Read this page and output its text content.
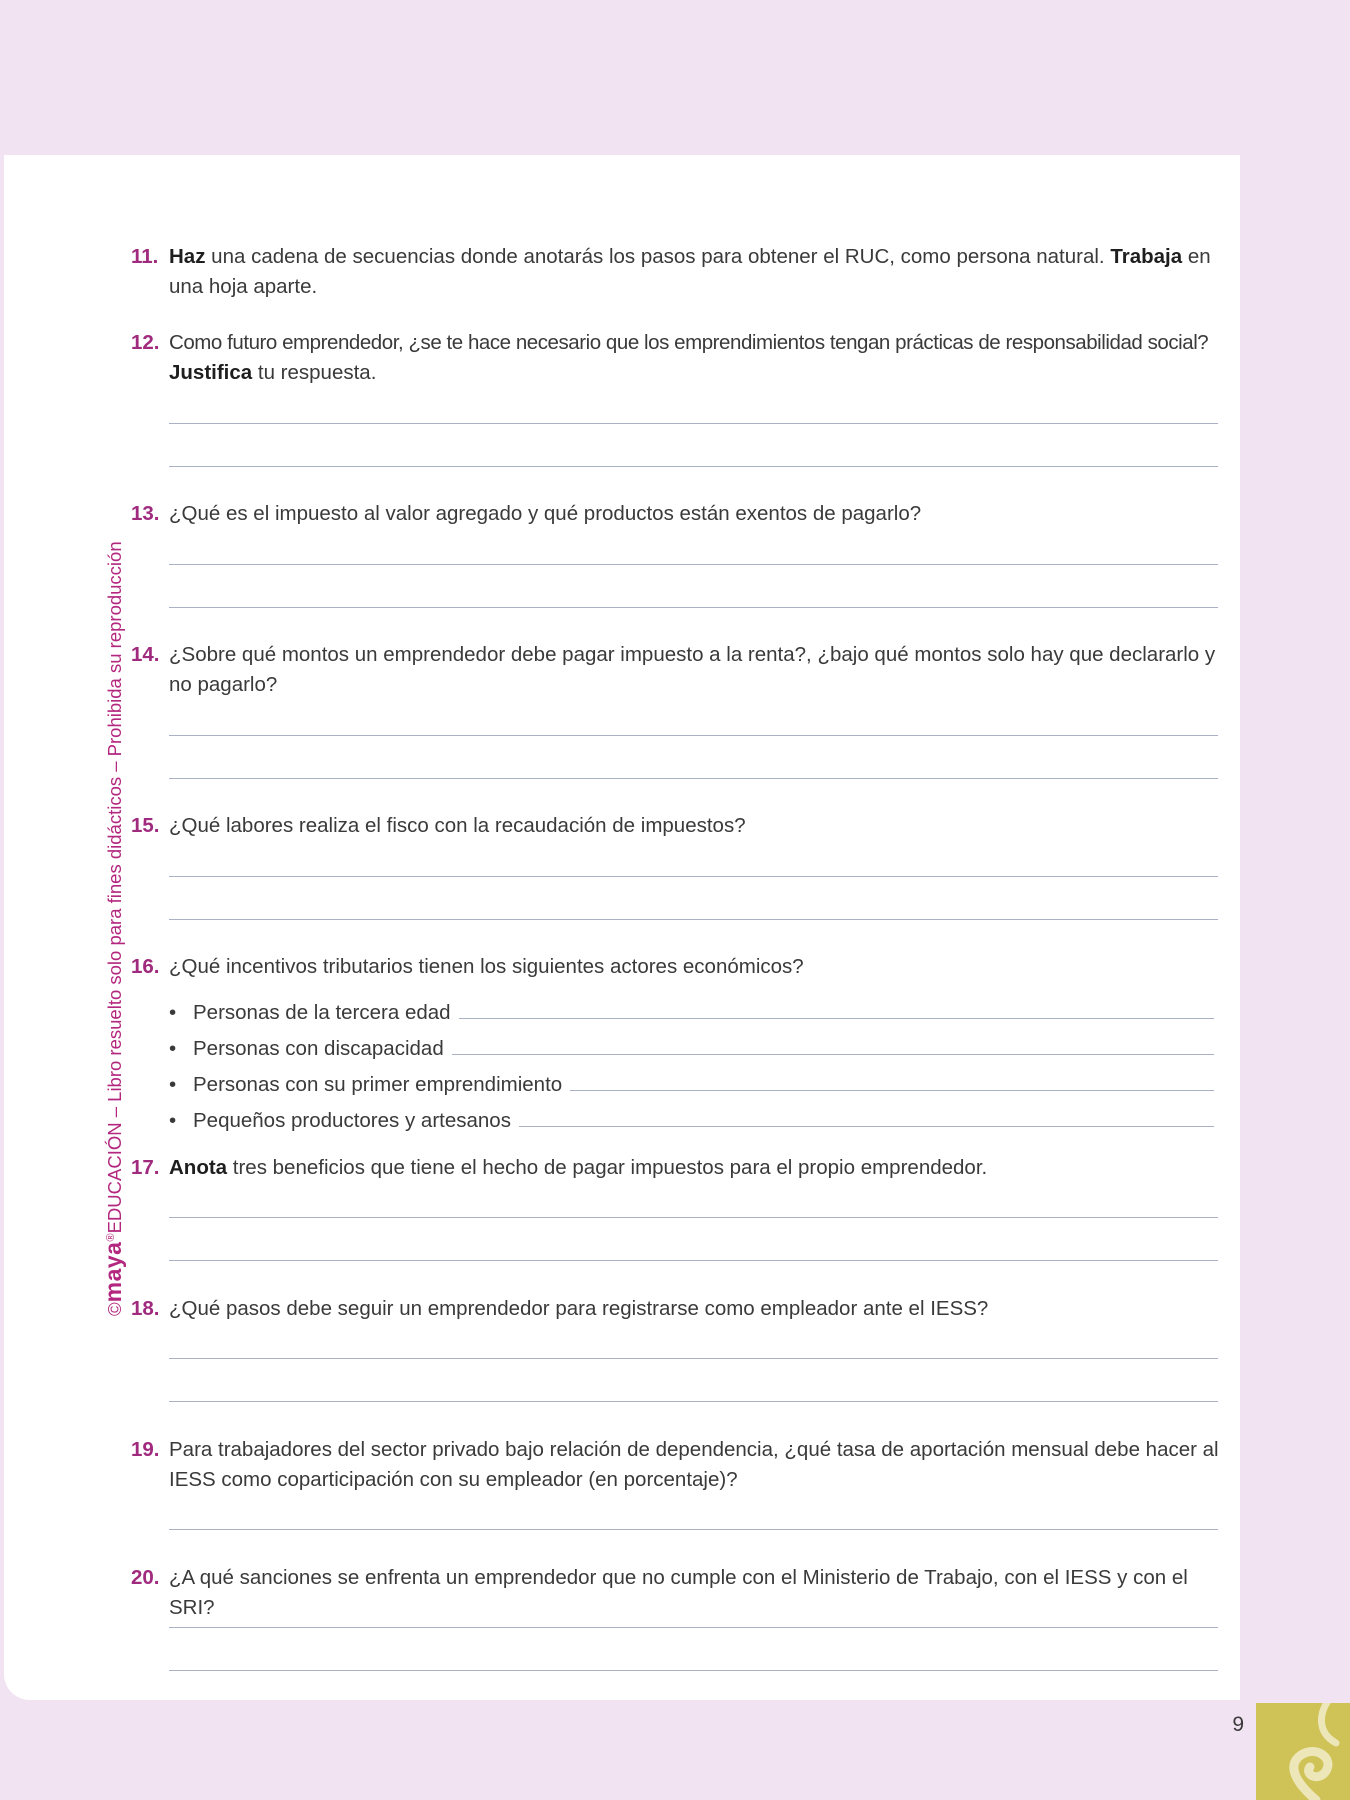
©maya®EDUCACIÓN – Libro resuelto solo para fines didácticos – Prohibida su reproducción
11. Haz una cadena de secuencias donde anotarás los pasos para obtener el RUC, como persona natural. Trabaja en una hoja aparte.
12. Como futuro emprendedor, ¿se te hace necesario que los emprendimientos tengan prácticas de responsabilidad social? Justifica tu respuesta.
13. ¿Qué es el impuesto al valor agregado y qué productos están exentos de pagarlo?
14. ¿Sobre qué montos un emprendedor debe pagar impuesto a la renta?, ¿bajo qué montos solo hay que declararlo y no pagarlo?
15. ¿Qué labores realiza el fisco con la recaudación de impuestos?
16. ¿Qué incentivos tributarios tienen los siguientes actores económicos?
• Personas de la tercera edad
• Personas con discapacidad
• Personas con su primer emprendimiento
• Pequeños productores y artesanos
17. Anota tres beneficios que tiene el hecho de pagar impuestos para el propio emprendedor.
18. ¿Qué pasos debe seguir un emprendedor para registrarse como empleador ante el IESS?
19. Para trabajadores del sector privado bajo relación de dependencia, ¿qué tasa de aportación mensual debe hacer al IESS como coparticipación con su empleador (en porcentaje)?
20. ¿A qué sanciones se enfrenta un emprendedor que no cumple con el Ministerio de Trabajo, con el IESS y con el SRI?
9
